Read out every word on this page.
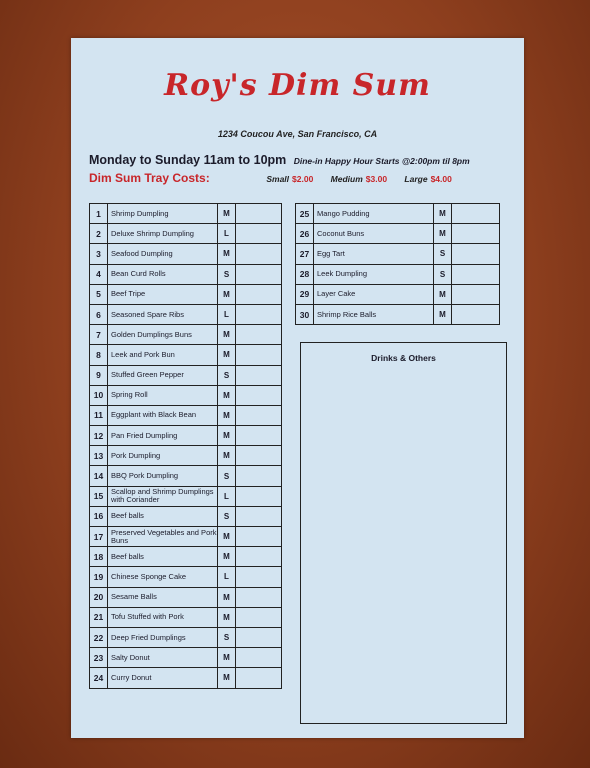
Roy's Dim Sum
1234 Coucou Ave, San Francisco, CA
Monday to Sunday 11am to 10pm Dine-in Happy Hour Starts @2:00pm til 8pm
Dim Sum Tray Costs:	Small $2.00 Medium $3.00 Large $4.00
1	Shrimp Dumpling	M	
2	Deluxe Shrimp Dumpling	L	
3	Seafood Dumpling	M	
4	Bean Curd Rolls	S	
5	Beef Tripe	M	
6	Seasoned Spare Ribs	L	
7	Golden Dumplings Buns	M	
8	Leek and Pork Bun	M	
9	Stuffed Green Pepper	S	
10	Spring Roll	M	
11	Eggplant with Black Bean	M	
12	Pan Fried Dumpling	M	
13	Pork Dumpling	M	
14	BBQ Pork Dumpling	S	
15	Scallop and Shrimp Dumplings with Coriander	L	
16	Beef balls	S	
17	Preserved Vegetables and Pork Buns	M	
18	Beef balls	M	
19	Chinese Sponge Cake	L	
20	Sesame Balls	M	
21	Tofu Stuffed with Pork	M	
22	Deep Fried Dumplings	S	
23	Salty Donut	M	
24	Curry Donut	M	
25	Mango Pudding	M	
26	Coconut Buns	M	
27	Egg Tart	S	
28	Leek Dumpling	S	
29	Layer Cake	M	
30	Shrimp Rice Balls	M	
Drinks & Others
